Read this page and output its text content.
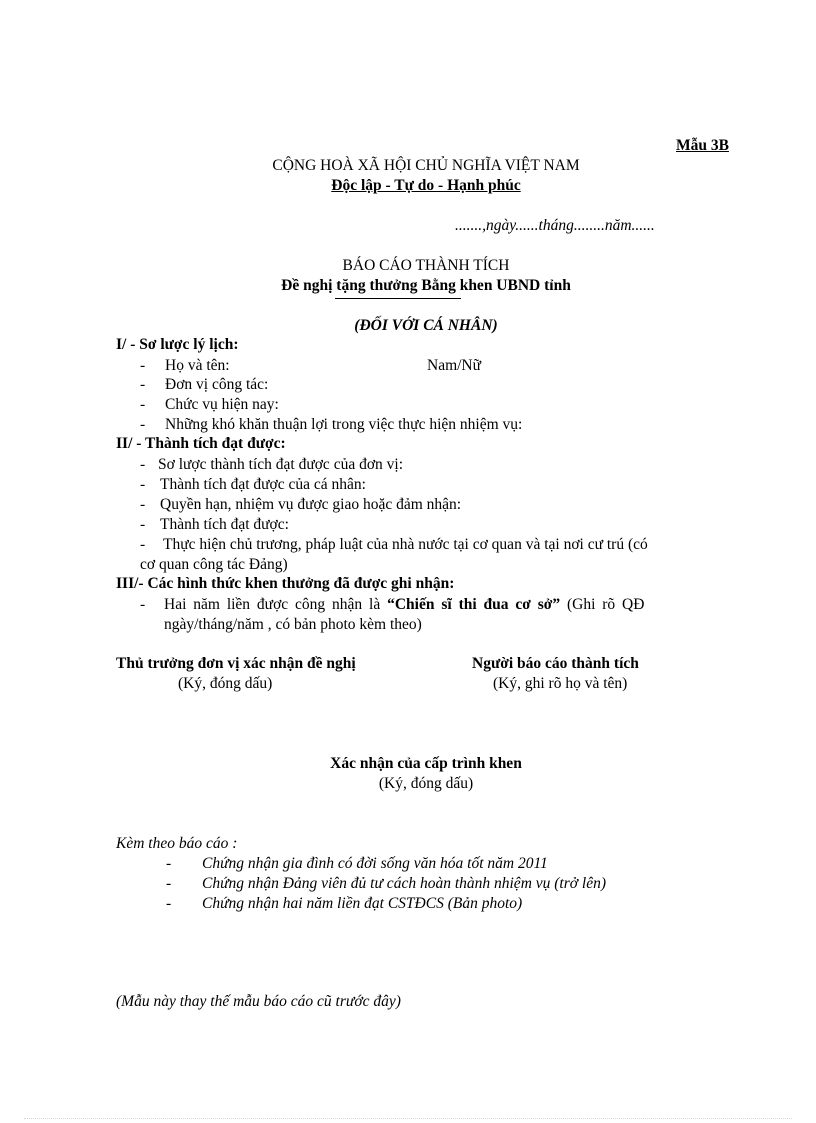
Mẫu 3B
CỘNG HOÀ XÃ HỘI CHỦ NGHĨA VIỆT NAM
Độc lập - Tự do - Hạnh phúc
.......,ngày......tháng........năm......
BÁO CÁO THÀNH TÍCH
Đề nghị tặng thưởng Bằng khen UBND tỉnh
(ĐỐI VỚI CÁ NHÂN)
I/ - Sơ lược lý lịch:
- Họ và tên:	Nam/Nữ
- Đơn vị công tác:
- Chức vụ hiện nay:
- Những khó khăn thuận lợi trong việc thực hiện nhiệm vụ:
II/ - Thành tích đạt được:
- Sơ lược thành tích đạt được của đơn vị:
- Thành tích đạt được của cá nhân:
- Quyền hạn, nhiệm vụ được giao hoặc đảm nhận:
- Thành tích đạt được:
- Thực hiện chủ trương, pháp luật của nhà nước tại cơ quan và tại nơi cư trú (có
cơ quan công tác Đảng)
III/- Các hình thức khen thưởng đã được ghi nhận:
- Hai năm liền được công nhận là “Chiến sĩ thi đua cơ sở” (Ghi rõ QĐ
ngày/tháng/năm , có bản photo kèm theo)
Thủ trưởng đơn vị xác nhận đề nghị
(Ký, đóng dấu)
Người báo cáo thành tích
(Ký, ghi rõ họ và tên)
Xác nhận của cấp trình khen
(Ký, đóng dấu)
Kèm theo báo cáo :
- Chứng nhận gia đình có đời sống văn hóa tốt năm 2011
- Chứng nhận Đảng viên đủ tư cách hoàn thành nhiệm vụ (trở lên)
- Chứng nhận hai năm liền đạt CSTĐCS (Bản photo)
(Mẫu này thay thế mẫu báo cáo cũ trước đây)
